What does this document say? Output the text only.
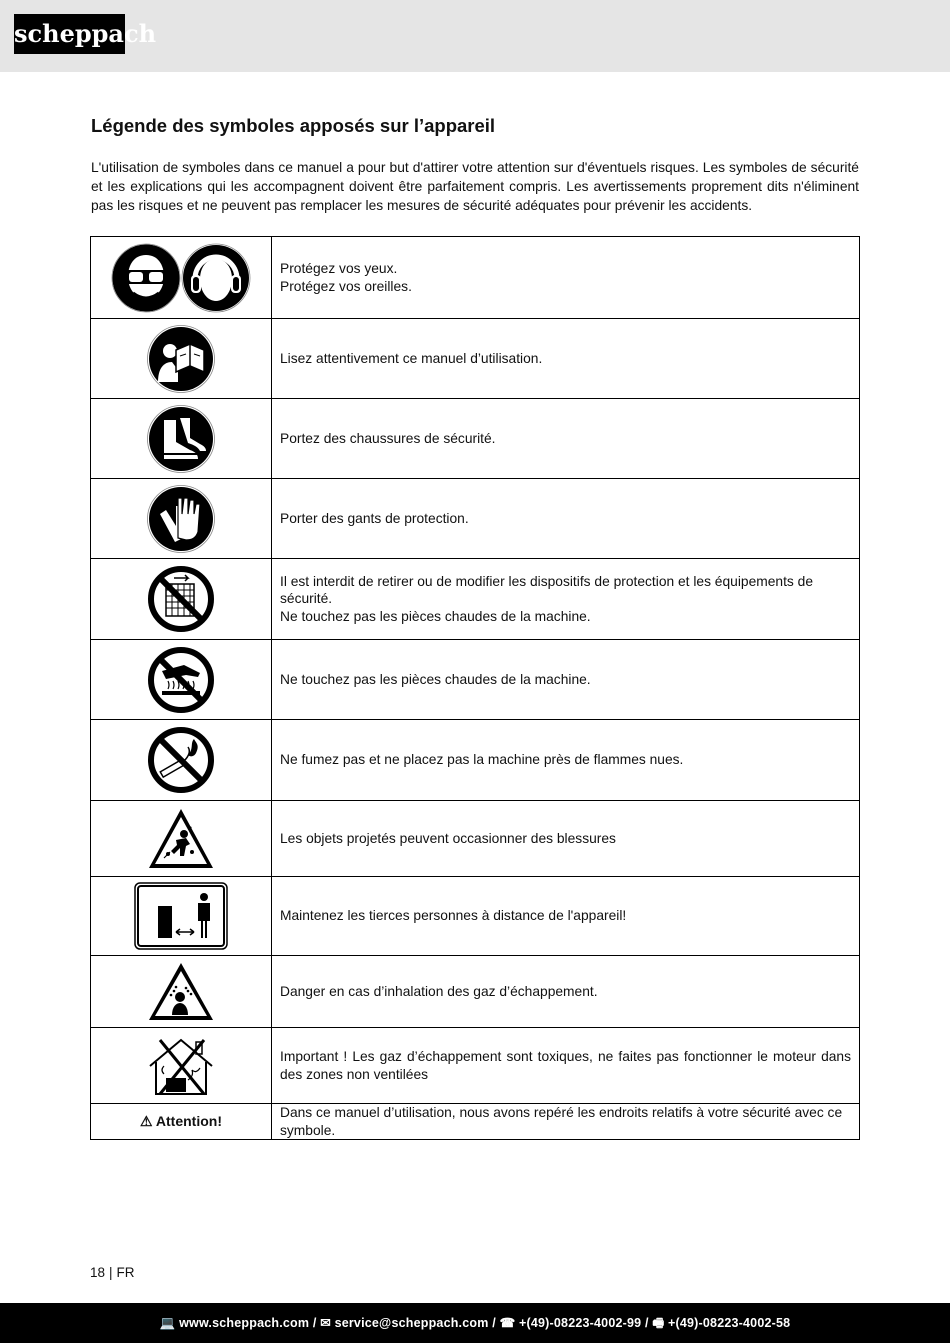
scheppach
Légende des symboles apposés sur l’appareil

L'utilisation de symboles dans ce manuel a pour but d'attirer votre attention sur d'éventuels risques. Les symboles de sécurité et les explications qui les accompagnent doivent être parfaitement compris. Les avertissements proprement dits n'éliminent pas les risques et ne peuvent pas remplacer les mesures de sécurité adéquates pour prévenir les accidents.

Protégez vos yeux.
Protégez vos oreilles.

Lisez attentivement ce manuel d’utilisation.

Portez des chaussures de sécurité.

Porter des gants de protection.

Il est interdit de retirer ou de modifier les dispositifs de protection et les équipements de sécurité.
Ne touchez pas les pièces chaudes de la machine.

Ne touchez pas les pièces chaudes de la machine.

Ne fumez pas et ne placez pas la machine près de flammes nues.

Les objets projetés peuvent occasionner des blessures

Maintenez les tierces personnes à distance de l'appareil!

Danger en cas d’inhalation des gaz d’échappement.

Important ! Les gaz d’échappement sont toxiques, ne faites pas fonctionner le moteur dans des zones non ventilées

⚠ Attention!	Dans ce manuel d’utilisation, nous avons repéré les endroits relatifs à votre sécurité avec ce symbole.
18 | FR
💻 www.scheppach.com / ✉ service@scheppach.com / ☎ +(49)-08223-4002-99 / 🖷 +(49)-08223-4002-58
